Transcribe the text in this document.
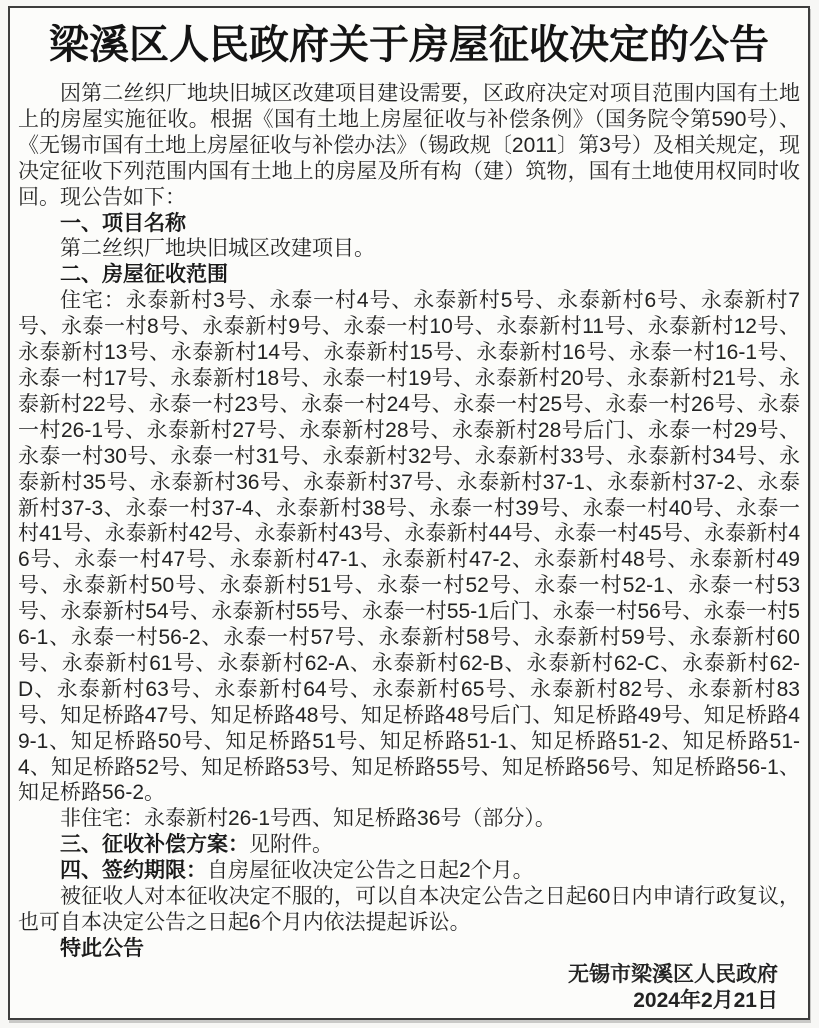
梁溪区人民政府关于房屋征收决定的公告

因第二丝织厂地块旧城区改建项目建设需要，区政府决定对项目范围内国有土地上的房屋实施征收。根据《国有土地上房屋征收与补偿条例》（国务院令第590号）、《无锡市国有土地上房屋征收与补偿办法》（锡政规〔2011〕第3号）及相关规定，现决定征收下列范围内国有土地上的房屋及所有构（建）筑物，国有土地使用权同时收回。现公告如下：

一、项目名称

第二丝织厂地块旧城区改建项目。

二、房屋征收范围

住宅：永泰新村3号、永泰一村4号、永泰新村5号、永泰新村6号、永泰新村7号、永泰一村8号、永泰新村9号、永泰一村10号、永泰新村11号、永泰新村12号、永泰新村13号、永泰新村14号、永泰新村15号、永泰新村16号、永泰一村16-1号、永泰一村17号、永泰新村18号、永泰一村19号、永泰新村20号、永泰新村21号、永泰新村22号、永泰一村23号、永泰一村24号、永泰一村25号、永泰一村26号、永泰一村26-1号、永泰新村27号、永泰新村28号、永泰新村28号后门、永泰一村29号、永泰一村30号、永泰一村31号、永泰新村32号、永泰新村33号、永泰新村34号、永泰新村35号、永泰新村36号、永泰新村37号、永泰新村37-1、永泰新村37-2、永泰新村37-3、永泰一村37-4、永泰新村38号、永泰一村39号、永泰一村40号、永泰一村41号、永泰新村42号、永泰新村43号、永泰新村44号、永泰一村45号、永泰新村46号、永泰一村47号、永泰新村47-1、永泰新村47-2、永泰新村48号、永泰新村49号、永泰新村50号、永泰新村51号、永泰一村52号、永泰一村52-1、永泰一村53号、永泰新村54号、永泰新村55号、永泰一村55-1后门、永泰一村56号、永泰一村56-1、永泰一村56-2、永泰一村57号、永泰新村58号、永泰新村59号、永泰新村60号、永泰新村61号、永泰新村62-A、永泰新村62-B、永泰新村62-C、永泰新村62-D、永泰新村63号、永泰新村64号、永泰新村65号、永泰新村82号、永泰新村83号、知足桥路47号、知足桥路48号、知足桥路48号后门、知足桥路49号、知足桥路49-1、知足桥路50号、知足桥路51号、知足桥路51-1、知足桥路51-2、知足桥路51-4、知足桥路52号、知足桥路53号、知足桥路55号、知足桥路56号、知足桥路56-1、知足桥路56-2。

非住宅：永泰新村26-1号西、知足桥路36号（部分）。

三、征收补偿方案：见附件。

四、签约期限：自房屋征收决定公告之日起2个月。

被征收人对本征收决定不服的，可以自本决定公告之日起60日内申请行政复议，也可自本决定公告之日起6个月内依法提起诉讼。

特此公告

无锡市梁溪区人民政府

2024年2月21日
